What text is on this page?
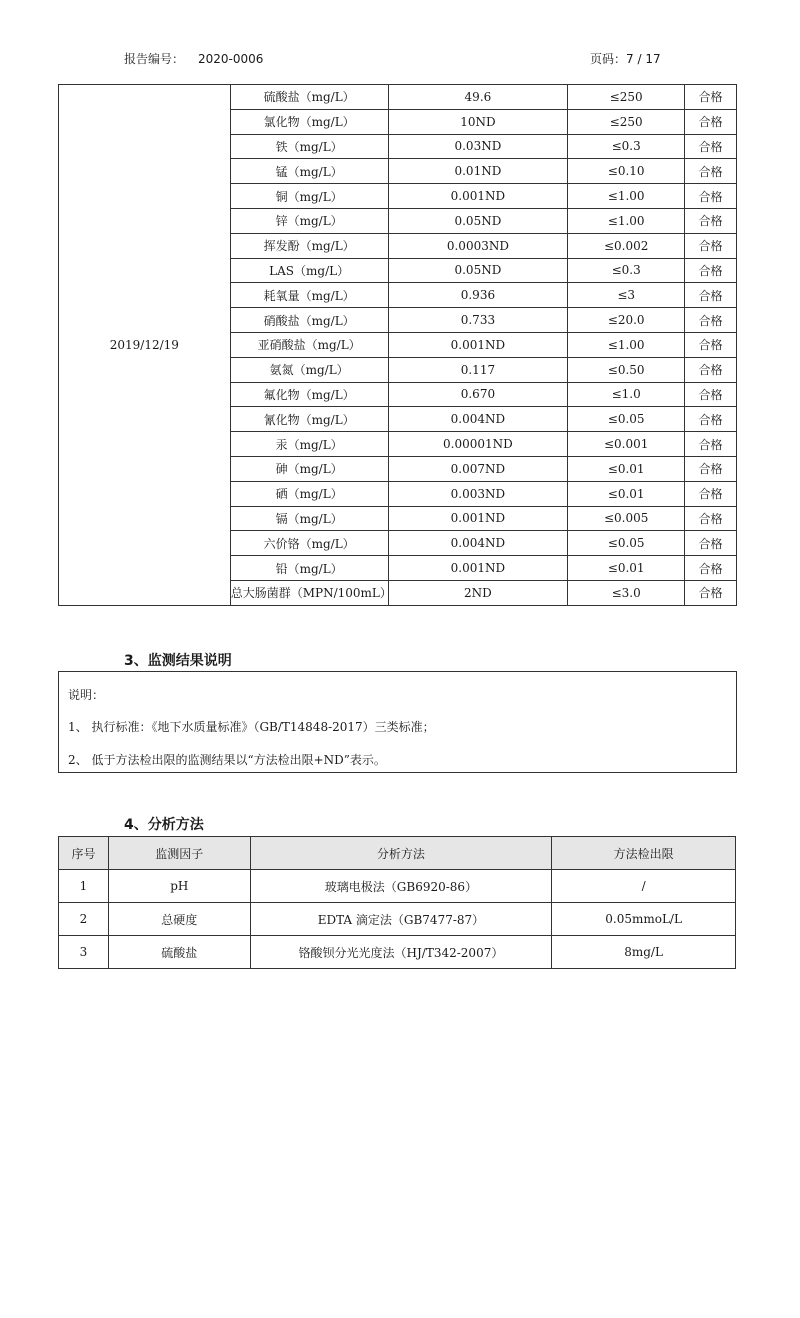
报告编号： 2020-0006	页码：7 / 17
2019/12/19	硫酸盐（mg/L）	49.6	≤250	合格
	氯化物（mg/L）	10ND	≤250	合格
	铁（mg/L）	0.03ND	≤0.3	合格
	锰（mg/L）	0.01ND	≤0.10	合格
	铜（mg/L）	0.001ND	≤1.00	合格
	锌（mg/L）	0.05ND	≤1.00	合格
	挥发酚（mg/L）	0.0003ND	≤0.002	合格
	LAS（mg/L）	0.05ND	≤0.3	合格
	耗氧量（mg/L）	0.936	≤3	合格
	硝酸盐（mg/L）	0.733	≤20.0	合格
	亚硝酸盐（mg/L）	0.001ND	≤1.00	合格
	氨氮（mg/L）	0.117	≤0.50	合格
	氟化物（mg/L）	0.670	≤1.0	合格
	氰化物（mg/L）	0.004ND	≤0.05	合格
	汞（mg/L）	0.00001ND	≤0.001	合格
	砷（mg/L）	0.007ND	≤0.01	合格
	硒（mg/L）	0.003ND	≤0.01	合格
	镉（mg/L）	0.001ND	≤0.005	合格
	六价铬（mg/L）	0.004ND	≤0.05	合格
	铅（mg/L）	0.001ND	≤0.01	合格
	总大肠菌群（MPN/100mL）	2ND	≤3.0	合格
3、监测结果说明
说明：
1、 执行标准：《地下水质量标准》（GB/T14848-2017）三类标准；
2、 低于方法检出限的监测结果以“方法检出限+ND”表示。
4、分析方法
序号	监测因子	分析方法	方法检出限
1	pH	玻璃电极法（GB6920-86）	/
2	总硬度	EDTA 滴定法（GB7477-87）	0.05mmoL/L
3	硫酸盐	铬酸钡分光光度法（HJ/T342-2007）	8mg/L
